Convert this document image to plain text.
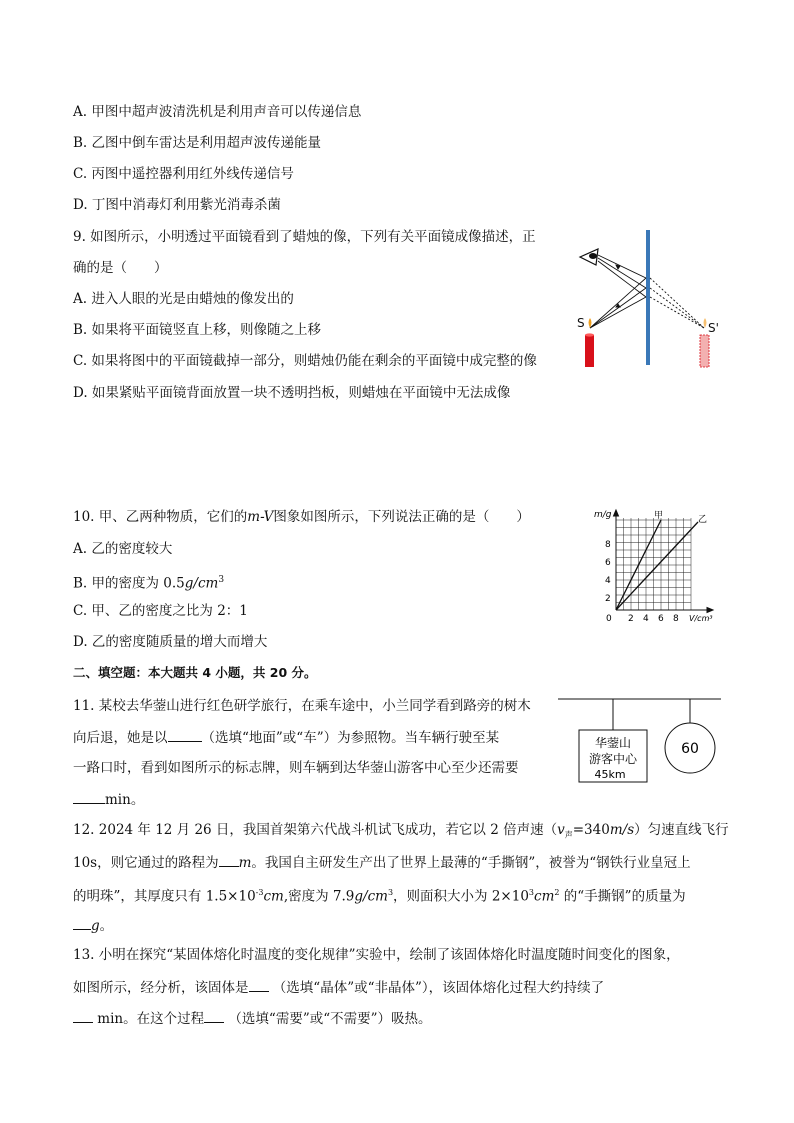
A. 甲图中超声波清洗机是利用声音可以传递信息
B. 乙图中倒车雷达是利用超声波传递能量
C. 丙图中遥控器利用红外线传递信号
D. 丁图中消毒灯利用紫光消毒杀菌
9. 如图所示，小明透过平面镜看到了蜡烛的像，下列有关平面镜成像描述，正
确的是（　　）
A. 进入人眼的光是由蜡烛的像发出的
B. 如果将平面镜竖直上移，则像随之上移
C. 如果将图中的平面镜截掉一部分，则蜡烛仍能在剩余的平面镜中成完整的像
D. 如果紧贴平面镜背面放置一块不透明挡板，则蜡烛在平面镜中无法成像
S	S'
10. 甲、乙两种物质，它们的m-V图象如图所示，下列说法正确的是（　　）
A. 乙的密度较大
B. 甲的密度为 $0.5g/cm^3$
C. 甲、乙的密度之比为 2：1
D. 乙的密度随质量的增大而增大
m/g
8
6
4
2
0 2 4 6 8 V/cm³
甲	乙
二、填空题：本大题共 4 小题，共 20 分。
11. 某校去华蓥山进行红色研学旅行，在乘车途中，小兰同学看到路旁的树木
向后退，她是以	（选填“地面”或“车”）为参照物。当车辆行驶至某
一路口时，看到如图所示的标志牌，则车辆到达华蓥山游客中心至少还需要
min。
华蓥山
游客中心
45km
60
12. 2024 年 12 月 26 日，我国首架第六代战斗机试飞成功，若它以 2 倍声速$(v_声=340m/s)$匀速直线飞行
10s，则它通过的路程为 m。我国自主研发生产出了世界上最薄的“手撕钢”，被誉为“钢铁行业皇冠上
的明珠”，其厚度只有 $1.5\times 10^{-3}cm$,密度为 $7.9g/cm^3$，则面积大小为 $2\times 10^3cm^2$ 的“手撕钢”的质量为
g。
13. 小明在探究“某固体熔化时温度的变化规律”实验中，绘制了该固体熔化时温度随时间变化的图象，
如图所示，经分析，该固体是 （选填“晶体”或“非晶体”），该固体熔化过程大约持续了
min。在这个过程 （选填“需要”或“不需要”）吸热。
